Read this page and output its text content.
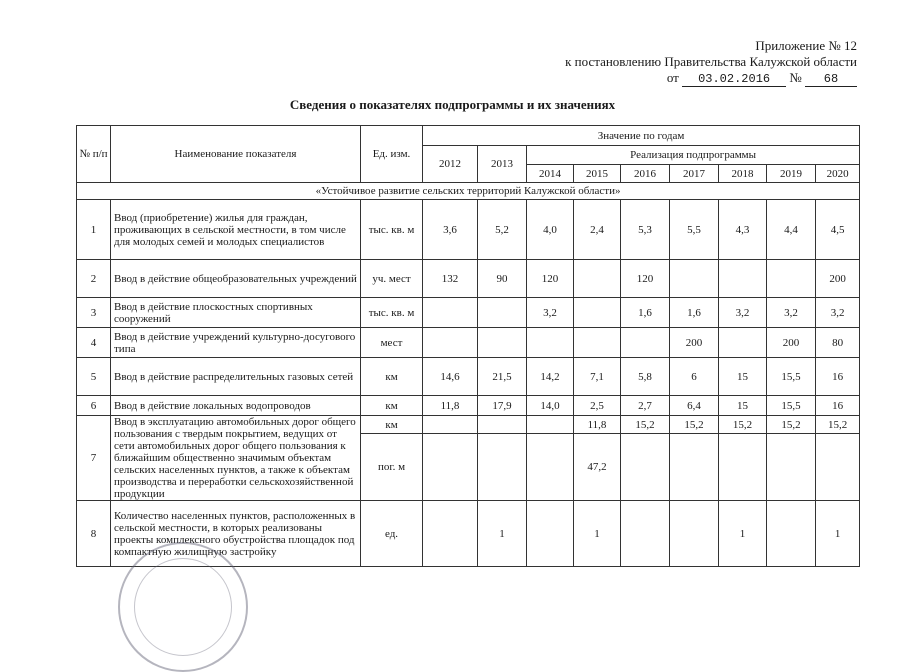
Приложение № 12
к постановлению Правительства Калужской области
от 03.02.2016 № 68
Сведения о показателях подпрограммы и их значениях
№ п/п	Наименование показателя	Ед. изм.	Значение по годам								
			2012	2013	Реализация подпрограммы						
					2014	2015	2016	2017	2018	2019	2020
«Устойчивое развитие сельских территорий Калужской области»											
1	Ввод (приобретение) жилья для граждан, проживающих в сельской местности, в том числе для молодых семей и молодых специалистов	тыс. кв. м	3,6	5,2	4,0	2,4	5,3	5,5	4,3	4,4	4,5
2	Ввод в действие общеобразовательных учреждений	уч. мест	132	90	120		120				200
3	Ввод в действие плоскостных спортивных сооружений	тыс. кв. м			3,2		1,6	1,6	3,2	3,2	3,2
4	Ввод в действие учреждений культурно-досугового типа	мест						200		200	80
5	Ввод в действие распределительных газовых сетей	км	14,6	21,5	14,2	7,1	5,8	6	15	15,5	16
6	Ввод в действие локальных водопроводов	км	11,8	17,9	14,0	2,5	2,7	6,4	15	15,5	16
7	Ввод в эксплуатацию автомобильных дорог общего пользования с твердым покрытием, ведущих от сети автомобильных дорог общего пользования к ближайшим общественно значимым объектам сельских населенных пунктов, а также к объектам производства и переработки сельскохозяйственной продукции	км				11,8	15,2	15,2	15,2	15,2	15,2
		пог. м				47,2					
8	Количество населенных пунктов, расположенных в сельской местности, в которых реализованы проекты комплексного обустройства площадок под компактную жилищную застройку	ед.		1		1			1		1
